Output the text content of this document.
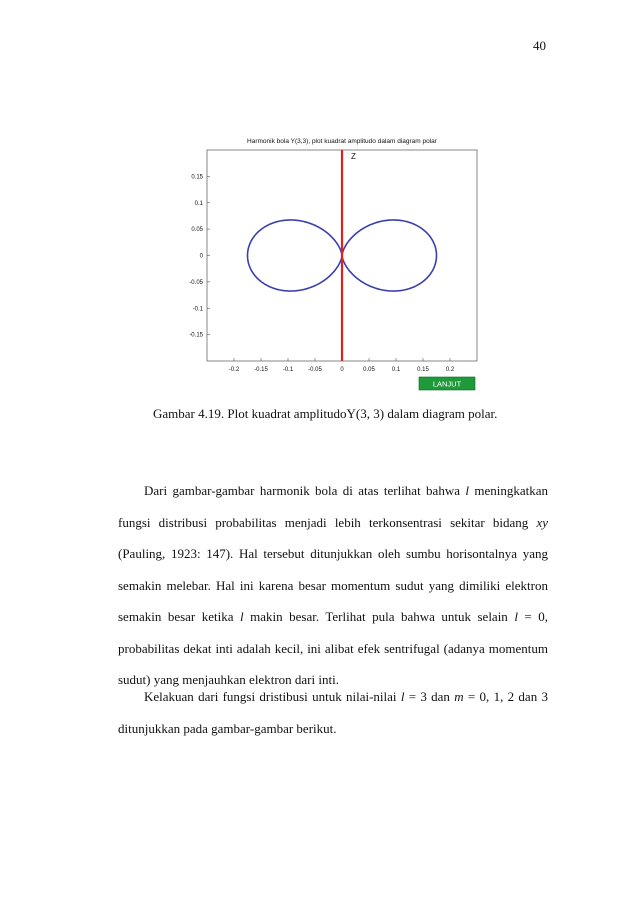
40
Harmonik bola Y(3,3), plot kuadrat amplitudo dalam diagram polar
-0.2 -0.15 -0.1 -0.05	0	0.05	0.1	0.15	0.2
0.15
0.1
0.05
0
-0.05
-0.1
-0.15
Z
LANJUT
Gambar 4.19. Plot kuadrat amplitudoY(3, 3) dalam diagram polar.
Dari gambar-gambar harmonik bola di atas terlihat bahwa l meningkatkan fungsi distribusi probabilitas menjadi lebih terkonsentrasi sekitar bidang xy (Pauling, 1923: 147). Hal tersebut ditunjukkan oleh sumbu horisontalnya yang semakin melebar. Hal ini karena besar momentum sudut yang dimiliki elektron semakin besar ketika l makin besar. Terlihat pula bahwa untuk selain l = 0, probabilitas dekat inti adalah kecil, ini alibat efek sentrifugal (adanya momentum sudut) yang menjauhkan elektron dari inti.
Kelakuan dari fungsi dristibusi untuk nilai-nilai l = 3 dan m = 0, 1, 2 dan 3 ditunjukkan pada gambar-gambar berikut.
